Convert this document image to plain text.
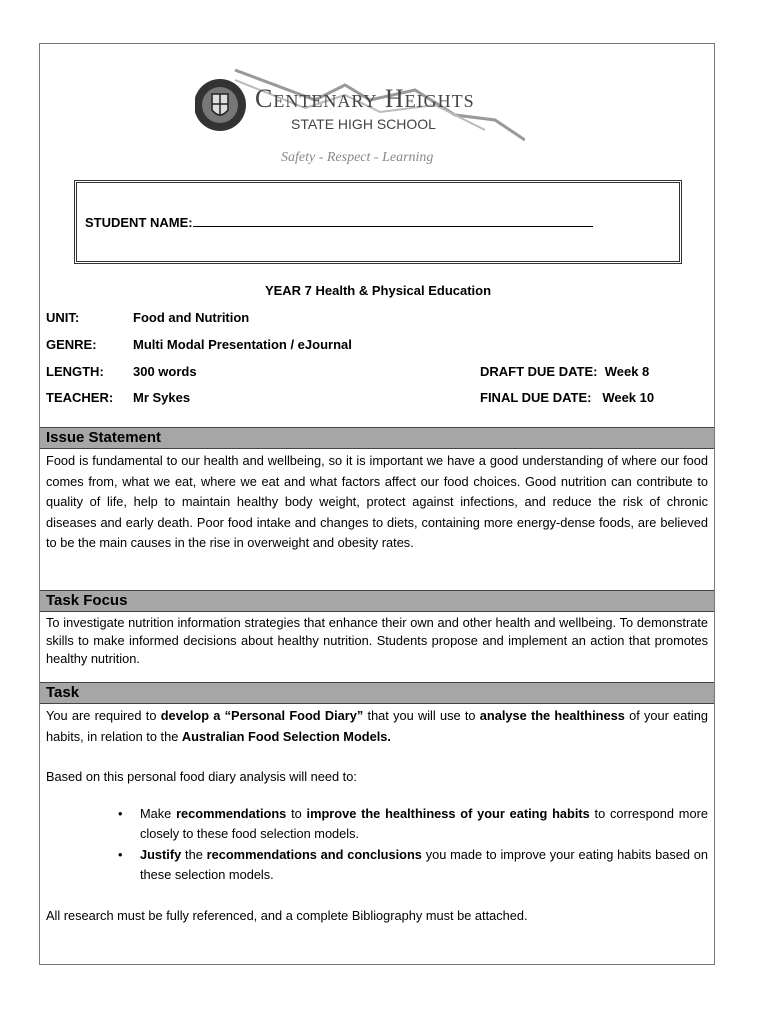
Centenary Heights
STATE HIGH SCHOOL
Safety - Respect - Learning
STUDENT NAME:
YEAR 7 Health & Physical Education
UNIT:	Food and Nutrition
GENRE:	Multi Modal Presentation / eJournal
LENGTH: 300 words
TEACHER: Mr Sykes
DRAFT DUE DATE: Week 8
FINAL DUE DATE: Week 10
Issue Statement
Food is fundamental to our health and wellbeing, so it is important we have a good understanding of where our food comes from, what we eat, where we eat and what factors affect our food choices. Good nutrition can contribute to quality of life, help to maintain healthy body weight, protect against infections, and reduce the risk of chronic diseases and early death. Poor food intake and changes to diets, containing more energy-dense foods, are believed to be the main causes in the rise in overweight and obesity rates.
Task Focus
To investigate nutrition information strategies that enhance their own and other health and wellbeing. To demonstrate skills to make informed decisions about healthy nutrition. Students propose and implement an action that promotes healthy nutrition.
Task

You are required to develop a “Personal Food Diary” that you will use to analyse the healthiness of your eating habits, in relation to the Australian Food Selection Models.

Based on this personal food diary analysis will need to:

• Make recommendations to improve the healthiness of your eating habits to correspond more closely to these food selection models.
• Justify the recommendations and conclusions you made to improve your eating habits based on these selection models.

All research must be fully referenced, and a complete Bibliography must be attached.
